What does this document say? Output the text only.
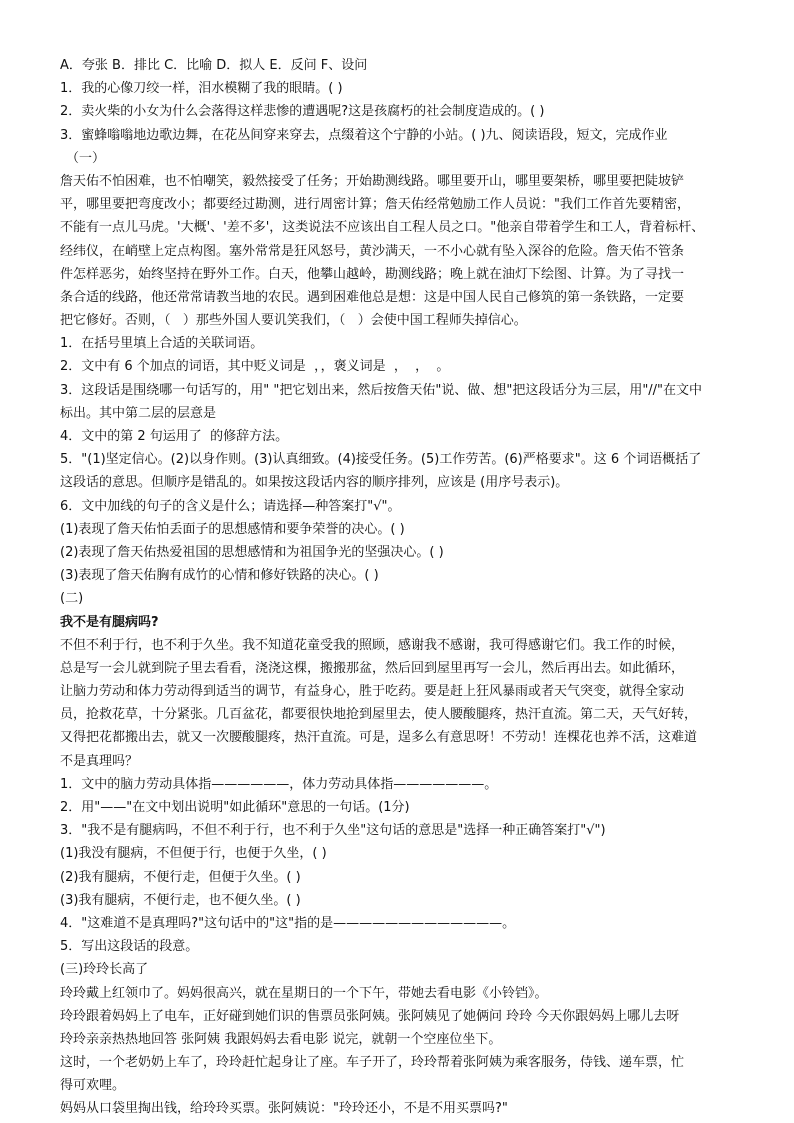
A．夸张 B．排比 C．比喻 D．拟人 E．反问 F、设问
1．我的心像刀绞一样，泪水模糊了我的眼睛。( )
2．卖火柴的小女为什么会落得这样悲惨的遭遇呢?这是孩腐朽的社会制度造成的。( )
3．蜜蜂嗡嗡地边歌边舞，在花丛间穿来穿去，点缀着这个宁静的小站。( )九、阅读语段，短文，完成作业
（一）
詹天佑不怕困难，也不怕嘲笑，毅然接受了任务；开始勘测线路。哪里要开山，哪里要架桥，哪里要把陡坡铲
平，哪里要把弯度改小；都要经过勘测，进行周密计算；詹天佑经常勉励工作人员说："我们工作首先要精密，
不能有一点儿马虎。'大概'、'差不多'，这类说法不应该出自工程人员之口。"他亲自带着学生和工人，背着标杆、
经纬仪，在峭壁上定点构图。塞外常常是狂风怒号，黄沙满天，一不小心就有坠入深谷的危险。詹天佑不管条
件怎样恶劣，始终坚持在野外工作。白天，他攀山越岭，勘测线路；晚上就在油灯下绘图、计算。为了寻找一
条合适的线路，他还常常请教当地的农民。遇到困难他总是想：这是中国人民自己修筑的第一条铁路，一定要
把它修好。否则，（   ）那些外国人要讥笑我们，（   ）会使中国工程师失掉信心。
1．在括号里填上合适的关联词语。
2．文中有 6 个加点的词语，其中贬义词是  ，，褒义词是  ，  ，  。
3．这段话是围绕哪一句话写的，用" "把它划出来，然后按詹天佑"说、做、想"把这段话分为三层，用"//"在文中
标出。其中第二层的层意是
4．文中的第 2 句运用了  的修辞方法。
5．"(1)坚定信心。(2)以身作则。(3)认真细致。(4)接受任务。(5)工作劳苦。(6)严格要求"。这 6 个词语概括了
这段话的意思。但顺序是错乱的。如果按这段话内容的顺序排列，应该是 (用序号表示)。
6．文中加线的句子的含义是什么；请选择—种答案打"√"。
(1)表现了詹天佑怕丢面子的思想感情和要争荣誉的决心。( )
(2)表现了詹天佑热爱祖国的思想感情和为祖国争光的坚强决心。( )
(3)表现了詹天佑胸有成竹的心情和修好铁路的决心。( )
(二)
我不是有腿病吗?
不但不利于行，也不利于久坐。我不知道花童受我的照顾，感谢我不感谢，我可得感谢它们。我工作的时候，
总是写一会儿就到院子里去看看，浇浇这棵，搬搬那盆，然后回到屋里再写一会儿，然后再出去。如此循环，
让脑力劳动和体力劳动得到适当的调节，有益身心，胜于吃药。要是赶上狂风暴雨或者天气突变，就得全家动
员，抢救花草，十分紧张。几百盆花，都要很快地抢到屋里去，使人腰酸腿疼，热汗直流。第二天，天气好转，
又得把花都搬出去，就又一次腰酸腿疼，热汗直流。可是，逞多么有意思呀！不劳动！连棵花也养不活，这难道
不是真理吗？
1．文中的脑力劳动具体指——————，体力劳动具体指———————。
2．用"——"在文中划出说明"如此循环"意思的一句话。(1分)
3．"我不是有腿病吗，不但不利于行，也不利于久坐"这句话的意思是"选择一种正确答案打"√")
(1)我没有腿病，不但便于行，也便于久坐，( )
(2)我有腿病，不便行走，但便于久坐。( )
(3)我有腿病，不便行走，也不便久坐。( )
4．"这难道不是真理吗?"这句话中的"这"指的是—————————————。
5．写出这段话的段意。
(三)玲玲长高了
玲玲戴上红领巾了。妈妈很高兴，就在星期日的一个下午，带她去看电影《小铃铛》。
玲玲跟着妈妈上了电车，正好碰到她们识的售票员张阿姨。张阿姨见了她俩问 玲玲 今天你跟妈妈上哪儿去呀
玲玲亲亲热热地回答 张阿姨 我跟妈妈去看电影 说完，就朝一个空座位坐下。
这时，一个老奶奶上车了，玲玲赶忙起身让了座。车子开了，玲玲帮着张阿姨为乘客服务，侍钱、递车票，忙
得可欢哩。
妈妈从口袋里掏出钱，给玲玲买票。张阿姨说："玲玲还小，不是不用买票吗?"
